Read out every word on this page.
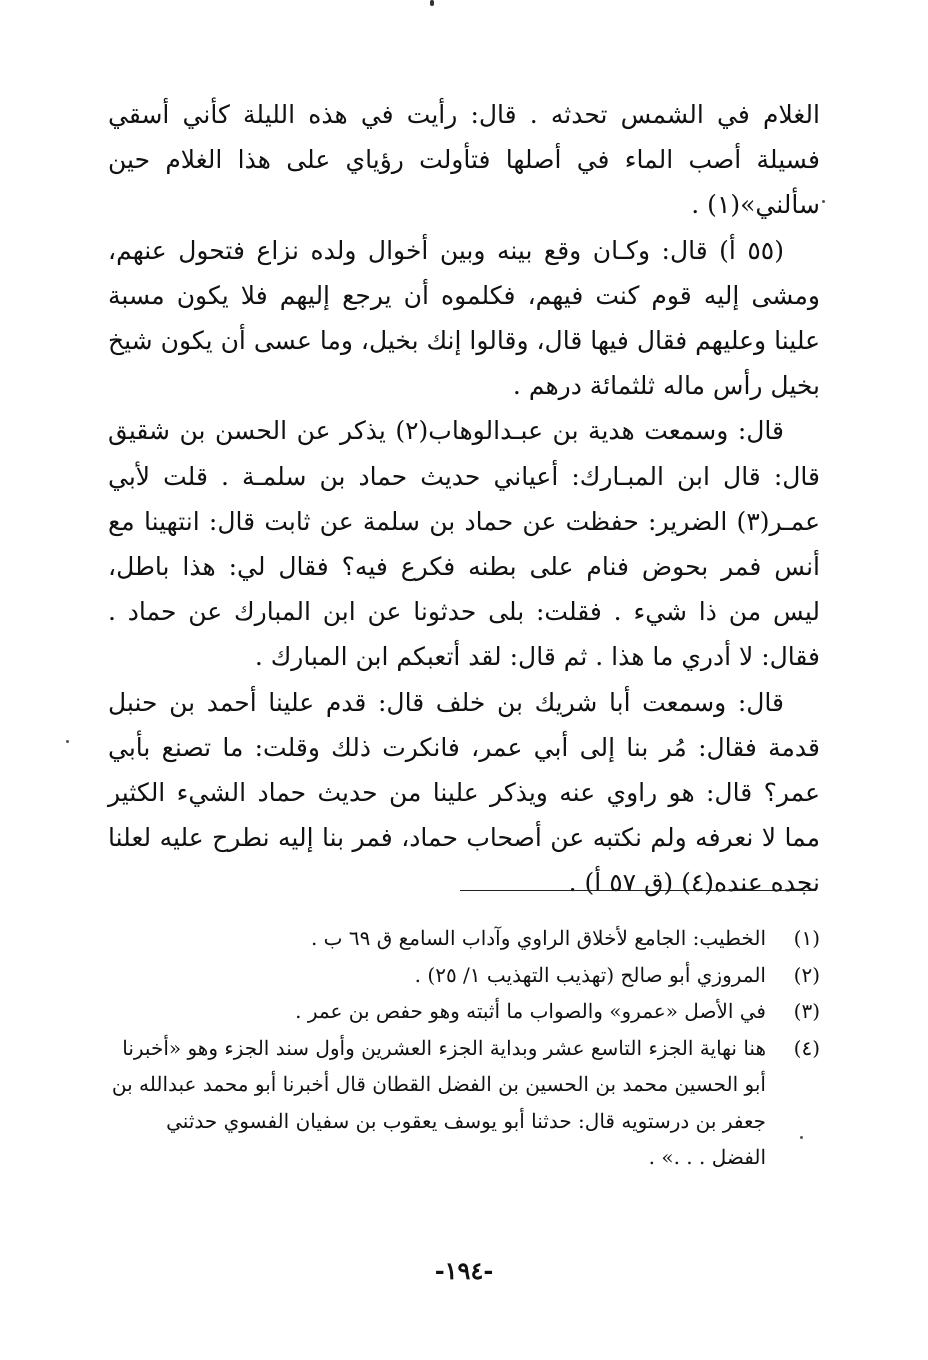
الغلام في الشمس تحدثه . قال: رأيت في هذه الليلة كأني أسقي فسيلة أصب الماء في أصلها فتأولت رؤياي على هذا الغلام حين سألني»(١) .
(٥٥ أ) قال: وكـان وقع بينه وبين أخوال ولده نزاع فتحول عنهم، ومشى إليه قوم كنت فيهم، فكلموه أن يرجع إليهم فلا يكون مسبة علينا وعليهم فقال فيها قال، وقالوا إنك بخيل، وما عسى أن يكون شيخ بخيل رأس ماله ثلثمائة درهم .
قال: وسمعت هدية بن عبـدالوهاب(٢) يذكر عن الحسن بن شقيق قال: قال ابن المبـارك: أعياني حديث حماد بن سلمـة . قلت لأبي عمـر(٣) الضرير: حفظت عن حماد بن سلمة عن ثابت قال: انتهينا مع أنس فمر بحوض فنام على بطنه فكرع فيه؟ فقال لي: هذا باطل، ليس من ذا شيء . فقلت: بلى حدثونا عن ابن المبارك عن حماد . فقال: لا أدري ما هذا . ثم قال: لقد أتعبكم ابن المبارك .
قال: وسمعت أبا شريك بن خلف قال: قدم علينا أحمد بن حنبل قدمة فقال: مُر بنا إلى أبي عمر، فانكرت ذلك وقلت: ما تصنع بأبي عمر؟ قال: هو راوي عنه ويذكر علينا من حديث حماد الشيء الكثير مما لا نعرفه ولم نكتبه عن أصحاب حماد، فمر بنا إليه نطرح عليه لعلنا نجده عنده(٤) (ق ٥٧ أ) .
(١)
الخطيب: الجامع لأخلاق الراوي وآداب السامع ق ٦٩ ب .
(٢)
المروزي أبو صالح (تهذيب التهذيب ١/ ٢٥) .
(٣)
في الأصل «عمرو» والصواب ما أثبته وهو حفص بن عمر .
(٤)
هنا نهاية الجزء التاسع عشر وبداية الجزء العشرين وأول سند الجزء وهو «أخبرنا أبو الحسين محمد بن الحسين بن الفضل القطان قال أخبرنا أبو محمد عبدالله بن جعفر بن درستويه قال: حدثنا أبو يوسف يعقوب بن سفيان الفسوي حدثني الفضل . . .» .
-١٩٤-
